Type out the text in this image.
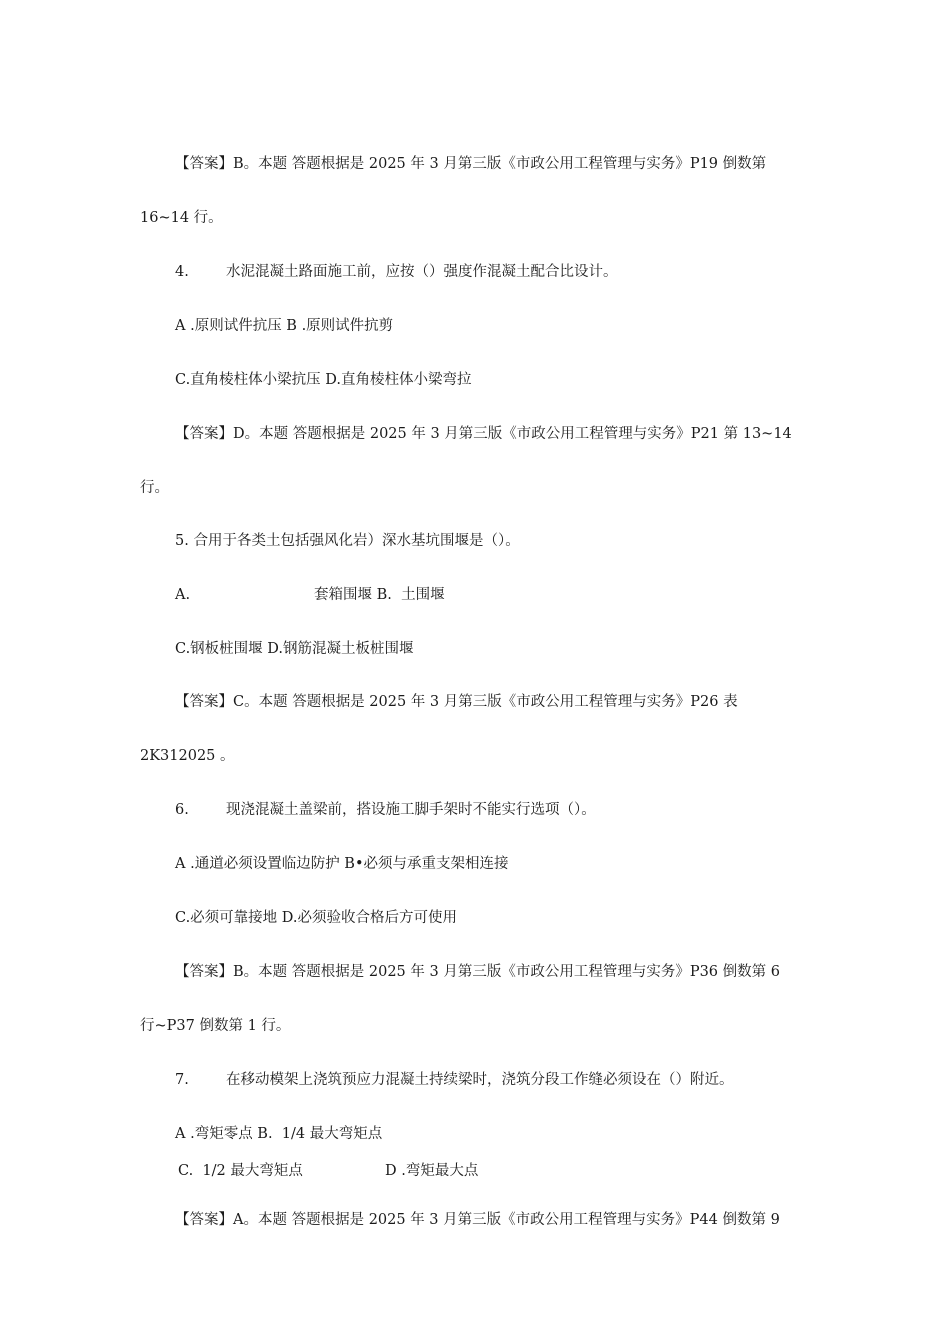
【答案】B。本题 答题根据是 2025 年 3 月第三版《市政公用工程管理与实务》P19 倒数第
16~14 行。
4.	水泥混凝土路面施工前，应按（）强度作混凝土配合比设计。
A .原则试件抗压 B .原则试件抗剪
C.直角棱柱体小梁抗压 D.直角棱柱体小梁弯拉
【答案】D。本题 答题根据是 2025 年 3 月第三版《市政公用工程管理与实务》P21 第 13~14
行。
5. 合用于各类土包括强风化岩）深水基坑围堰是（）。
A.	套箱围堰 B.  土围堰
C.钢板桩围堰 D.钢筋混凝土板桩围堰
【答案】C。本题 答题根据是 2025 年 3 月第三版《市政公用工程管理与实务》P26 表
2K312025 。
6.	现浇混凝土盖梁前，搭设施工脚手架时不能实行选项（）。
A .通道必须设置临边防护 B•必须与承重支架相连接
C.必须可靠接地 D.必须验收合格后方可使用
【答案】B。本题 答题根据是 2025 年 3 月第三版《市政公用工程管理与实务》P36 倒数第 6
行~P37 倒数第 1 行。
7.	在移动模架上浇筑预应力混凝土持续梁时，浇筑分段工作缝必须设在（）附近。
A .弯矩零点 B.  1/4 最大弯矩点
C.  1/2 最大弯矩点	D .弯矩最大点
【答案】A。本题 答题根据是 2025 年 3 月第三版《市政公用工程管理与实务》P44 倒数第 9
